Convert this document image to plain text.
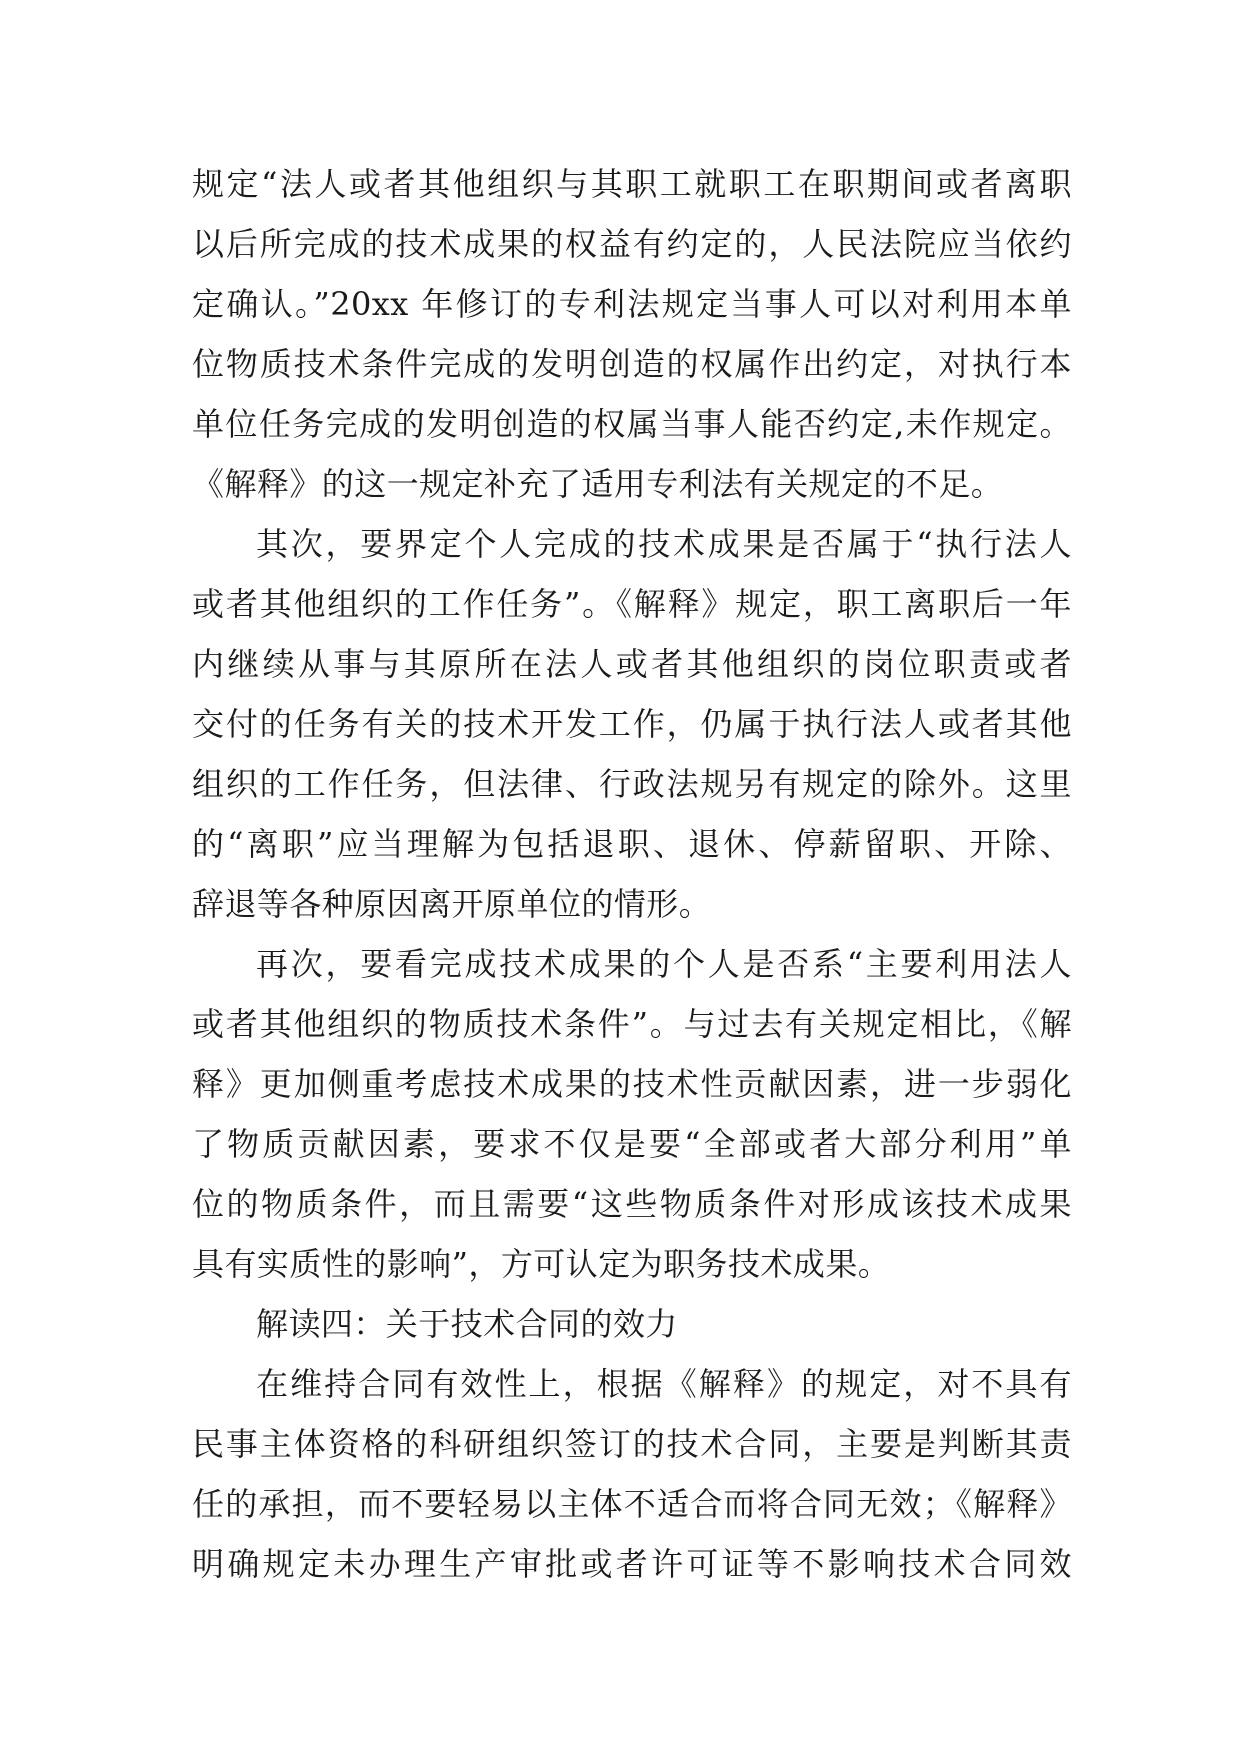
规定“法人或者其他组织与其职工就职工在职期间或者离职
以后所完成的技术成果的权益有约定的，人民法院应当依约
定确认。”20xx 年修订的专利法规定当事人可以对利用本单
位物质技术条件完成的发明创造的权属作出约定，对执行本
单位任务完成的发明创造的权属当事人能否约定,未作规定。
《解释》的这一规定补充了适用专利法有关规定的不足。
其次，要界定个人完成的技术成果是否属于“执行法人
或者其他组织的工作任务”。《解释》规定，职工离职后一年
内继续从事与其原所在法人或者其他组织的岗位职责或者
交付的任务有关的技术开发工作，仍属于执行法人或者其他
组织的工作任务，但法律、行政法规另有规定的除外。这里
的“离职”应当理解为包括退职、退休、停薪留职、开除、
辞退等各种原因离开原单位的情形。
再次，要看完成技术成果的个人是否系“主要利用法人
或者其他组织的物质技术条件”。与过去有关规定相比，《解
释》更加侧重考虑技术成果的技术性贡献因素，进一步弱化
了物质贡献因素，要求不仅是要“全部或者大部分利用”单
位的物质条件，而且需要“这些物质条件对形成该技术成果
具有实质性的影响”，方可认定为职务技术成果。
解读四：关于技术合同的效力
在维持合同有效性上，根据《解释》的规定，对不具有
民事主体资格的科研组织签订的技术合同，主要是判断其责
任的承担，而不要轻易以主体不适合而将合同无效；《解释》
明确规定未办理生产审批或者许可证等不影响技术合同效
